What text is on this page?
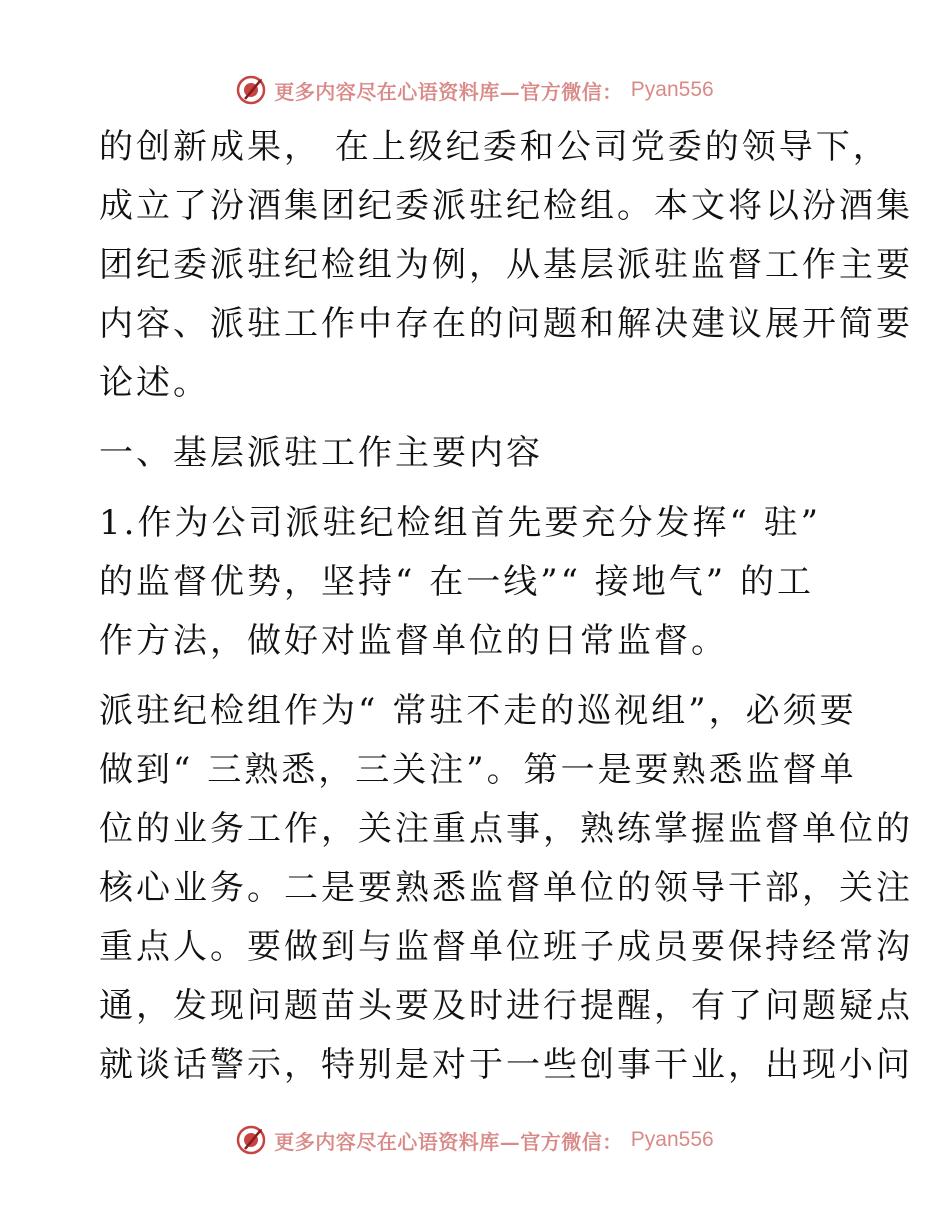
更多内容尽在心语资料库—官方微信： Pyan556
的创新成果， 在上级纪委和公司党委的领导下，
成立了汾酒集团纪委派驻纪检组。本文将以汾酒集
团纪委派驻纪检组为例，从基层派驻监督工作主要
内容、派驻工作中存在的问题和解决建议展开简要
论述。
一、基层派驻工作主要内容
1.作为公司派驻纪检组首先要充分发挥“ 驻”
的监督优势，坚持“ 在一线”“ 接地气” 的工
作方法，做好对监督单位的日常监督。
派驻纪检组作为“ 常驻不走的巡视组”，必须要
做到“ 三熟悉，三关注”。第一是要熟悉监督单
位的业务工作，关注重点事，熟练掌握监督单位的
核心业务。二是要熟悉监督单位的领导干部，关注
重点人。要做到与监督单位班子成员要保持经常沟
通，发现问题苗头要及时进行提醒，有了问题疑点
就谈话警示，特别是对于一些创事干业，出现小问
更多内容尽在心语资料库—官方微信： Pyan556
